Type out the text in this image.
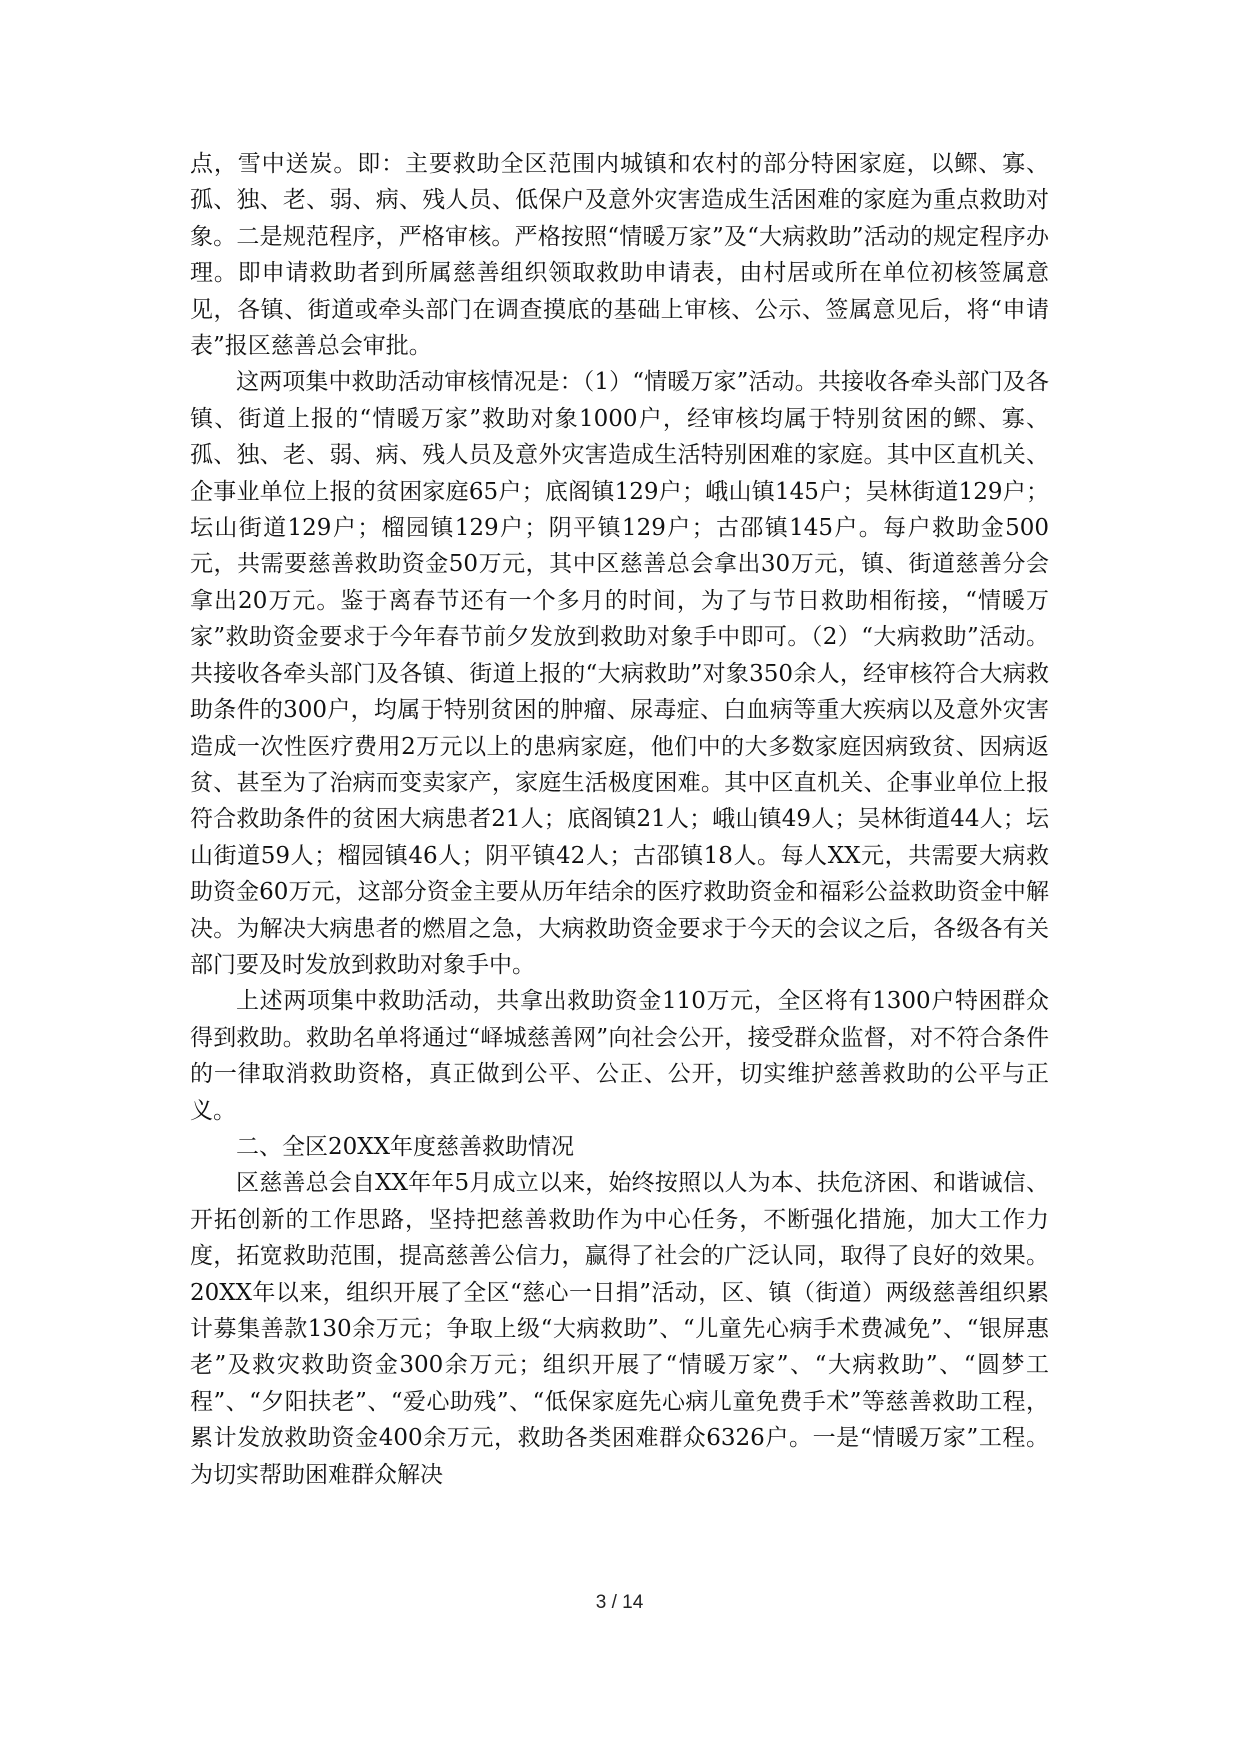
点，雪中送炭。即：主要救助全区范围内城镇和农村的部分特困家庭，以鳏、寡、孤、独、老、弱、病、残人员、低保户及意外灾害造成生活困难的家庭为重点救助对象。二是规范程序，严格审核。严格按照“情暖万家”及“大病救助”活动的规定程序办理。即申请救助者到所属慈善组织领取救助申请表，由村居或所在单位初核签属意见，各镇、街道或牵头部门在调查摸底的基础上审核、公示、签属意见后，将“申请表”报区慈善总会审批。

这两项集中救助活动审核情况是：（1）“情暖万家”活动。共接收各牵头部门及各镇、街道上报的“情暖万家”救助对象1000户，经审核均属于特别贫困的鳏、寡、孤、独、老、弱、病、残人员及意外灾害造成生活特别困难的家庭。其中区直机关、企事业单位上报的贫困家庭65户；底阁镇129户；峨山镇145户；吴林街道129户；坛山街道129户；榴园镇129户；阴平镇129户；古邵镇145户。每户救助金500元，共需要慈善救助资金50万元，其中区慈善总会拿出30万元，镇、街道慈善分会拿出20万元。鉴于离春节还有一个多月的时间，为了与节日救助相衔接，“情暖万家”救助资金要求于今年春节前夕发放到救助对象手中即可。（2）“大病救助”活动。共接收各牵头部门及各镇、街道上报的“大病救助”对象350余人，经审核符合大病救助条件的300户，均属于特别贫困的肿瘤、尿毒症、白血病等重大疾病以及意外灾害造成一次性医疗费用2万元以上的患病家庭，他们中的大多数家庭因病致贫、因病返贫、甚至为了治病而变卖家产，家庭生活极度困难。其中区直机关、企事业单位上报符合救助条件的贫困大病患者21人；底阁镇21人；峨山镇49人；吴林街道44人；坛山街道59人；榴园镇46人；阴平镇42人；古邵镇18人。每人XX元，共需要大病救助资金60万元，这部分资金主要从历年结余的医疗救助资金和福彩公益救助资金中解决。为解决大病患者的燃眉之急，大病救助资金要求于今天的会议之后，各级各有关部门要及时发放到救助对象手中。

上述两项集中救助活动，共拿出救助资金110万元，全区将有1300户特困群众得到救助。救助名单将通过“峄城慈善网”向社会公开，接受群众监督，对不符合条件的一律取消救助资格，真正做到公平、公正、公开，切实维护慈善救助的公平与正义。

二、全区20XX年度慈善救助情况

区慈善总会自XX年年5月成立以来，始终按照以人为本、扶危济困、和谐诚信、开拓创新的工作思路，坚持把慈善救助作为中心任务，不断强化措施，加大工作力度，拓宽救助范围，提高慈善公信力，赢得了社会的广泛认同，取得了良好的效果。20XX年以来，组织开展了全区“慈心一日捐”活动，区、镇（街道）两级慈善组织累计募集善款130余万元；争取上级“大病救助”、“儿童先心病手术费减免”、“银屏惠老”及救灾救助资金300余万元；组织开展了“情暖万家”、“大病救助”、“圆梦工程”、“夕阳扶老”、“爱心助残”、“低保家庭先心病儿童免费手术”等慈善救助工程，累计发放救助资金400余万元，救助各类困难群众6326户。一是“情暖万家”工程。为切实帮助困难群众解决

3 / 14
